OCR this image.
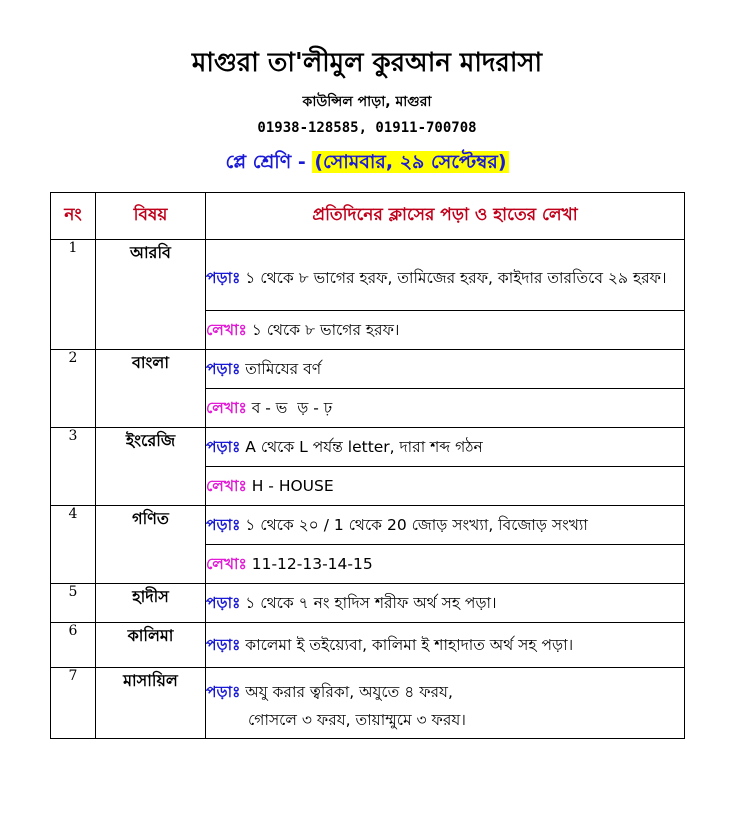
মাগুরা তা'লীমুল কুরআন মাদরাসা
কাউন্সিল পাড়া, মাগুরা
01938-128585, 01911-700708
প্লে শ্রেণি - (সোমবার, ২৯ সেপ্টেম্বর)
নং	বিষয়	প্রতিদিনের ক্লাসের পড়া ও হাতের লেখা
1	আরবি	পড়াঃ ১ থেকে ৮ ভাগের হরফ, তামিজের হরফ, কাইদার তারতিবে ২৯ হরফ।
		লেখাঃ ১ থেকে ৮ ভাগের হরফ।
2	বাংলা	পড়াঃ তামিযের বর্ণ
		লেখাঃ ব - ভ  ড় - ঢ়
3	ইংরেজি	পড়াঃ A থেকে L পর্যন্ত letter, দারা শব্দ গঠন
		লেখাঃ H - HOUSE
4	গণিত	পড়াঃ ১ থেকে ২০ / 1 থেকে 20 জোড় সংখ্যা, বিজোড় সংখ্যা
		লেখাঃ 11-12-13-14-15
5	হাদীস	পড়াঃ ১ থেকে ৭ নং হাদিস শরীফ অর্থ সহ পড়া।
6	কালিমা	পড়াঃ কালেমা ই তইয়্যেবা, কালিমা ই শাহাদাত অর্থ সহ পড়া।
7	মাসায়িল	পড়াঃ অযু করার ত্বরিকা, অযুতে ৪ ফরয,
গোসলে ৩ ফরয, তায়াম্মুমে ৩ ফরয।
